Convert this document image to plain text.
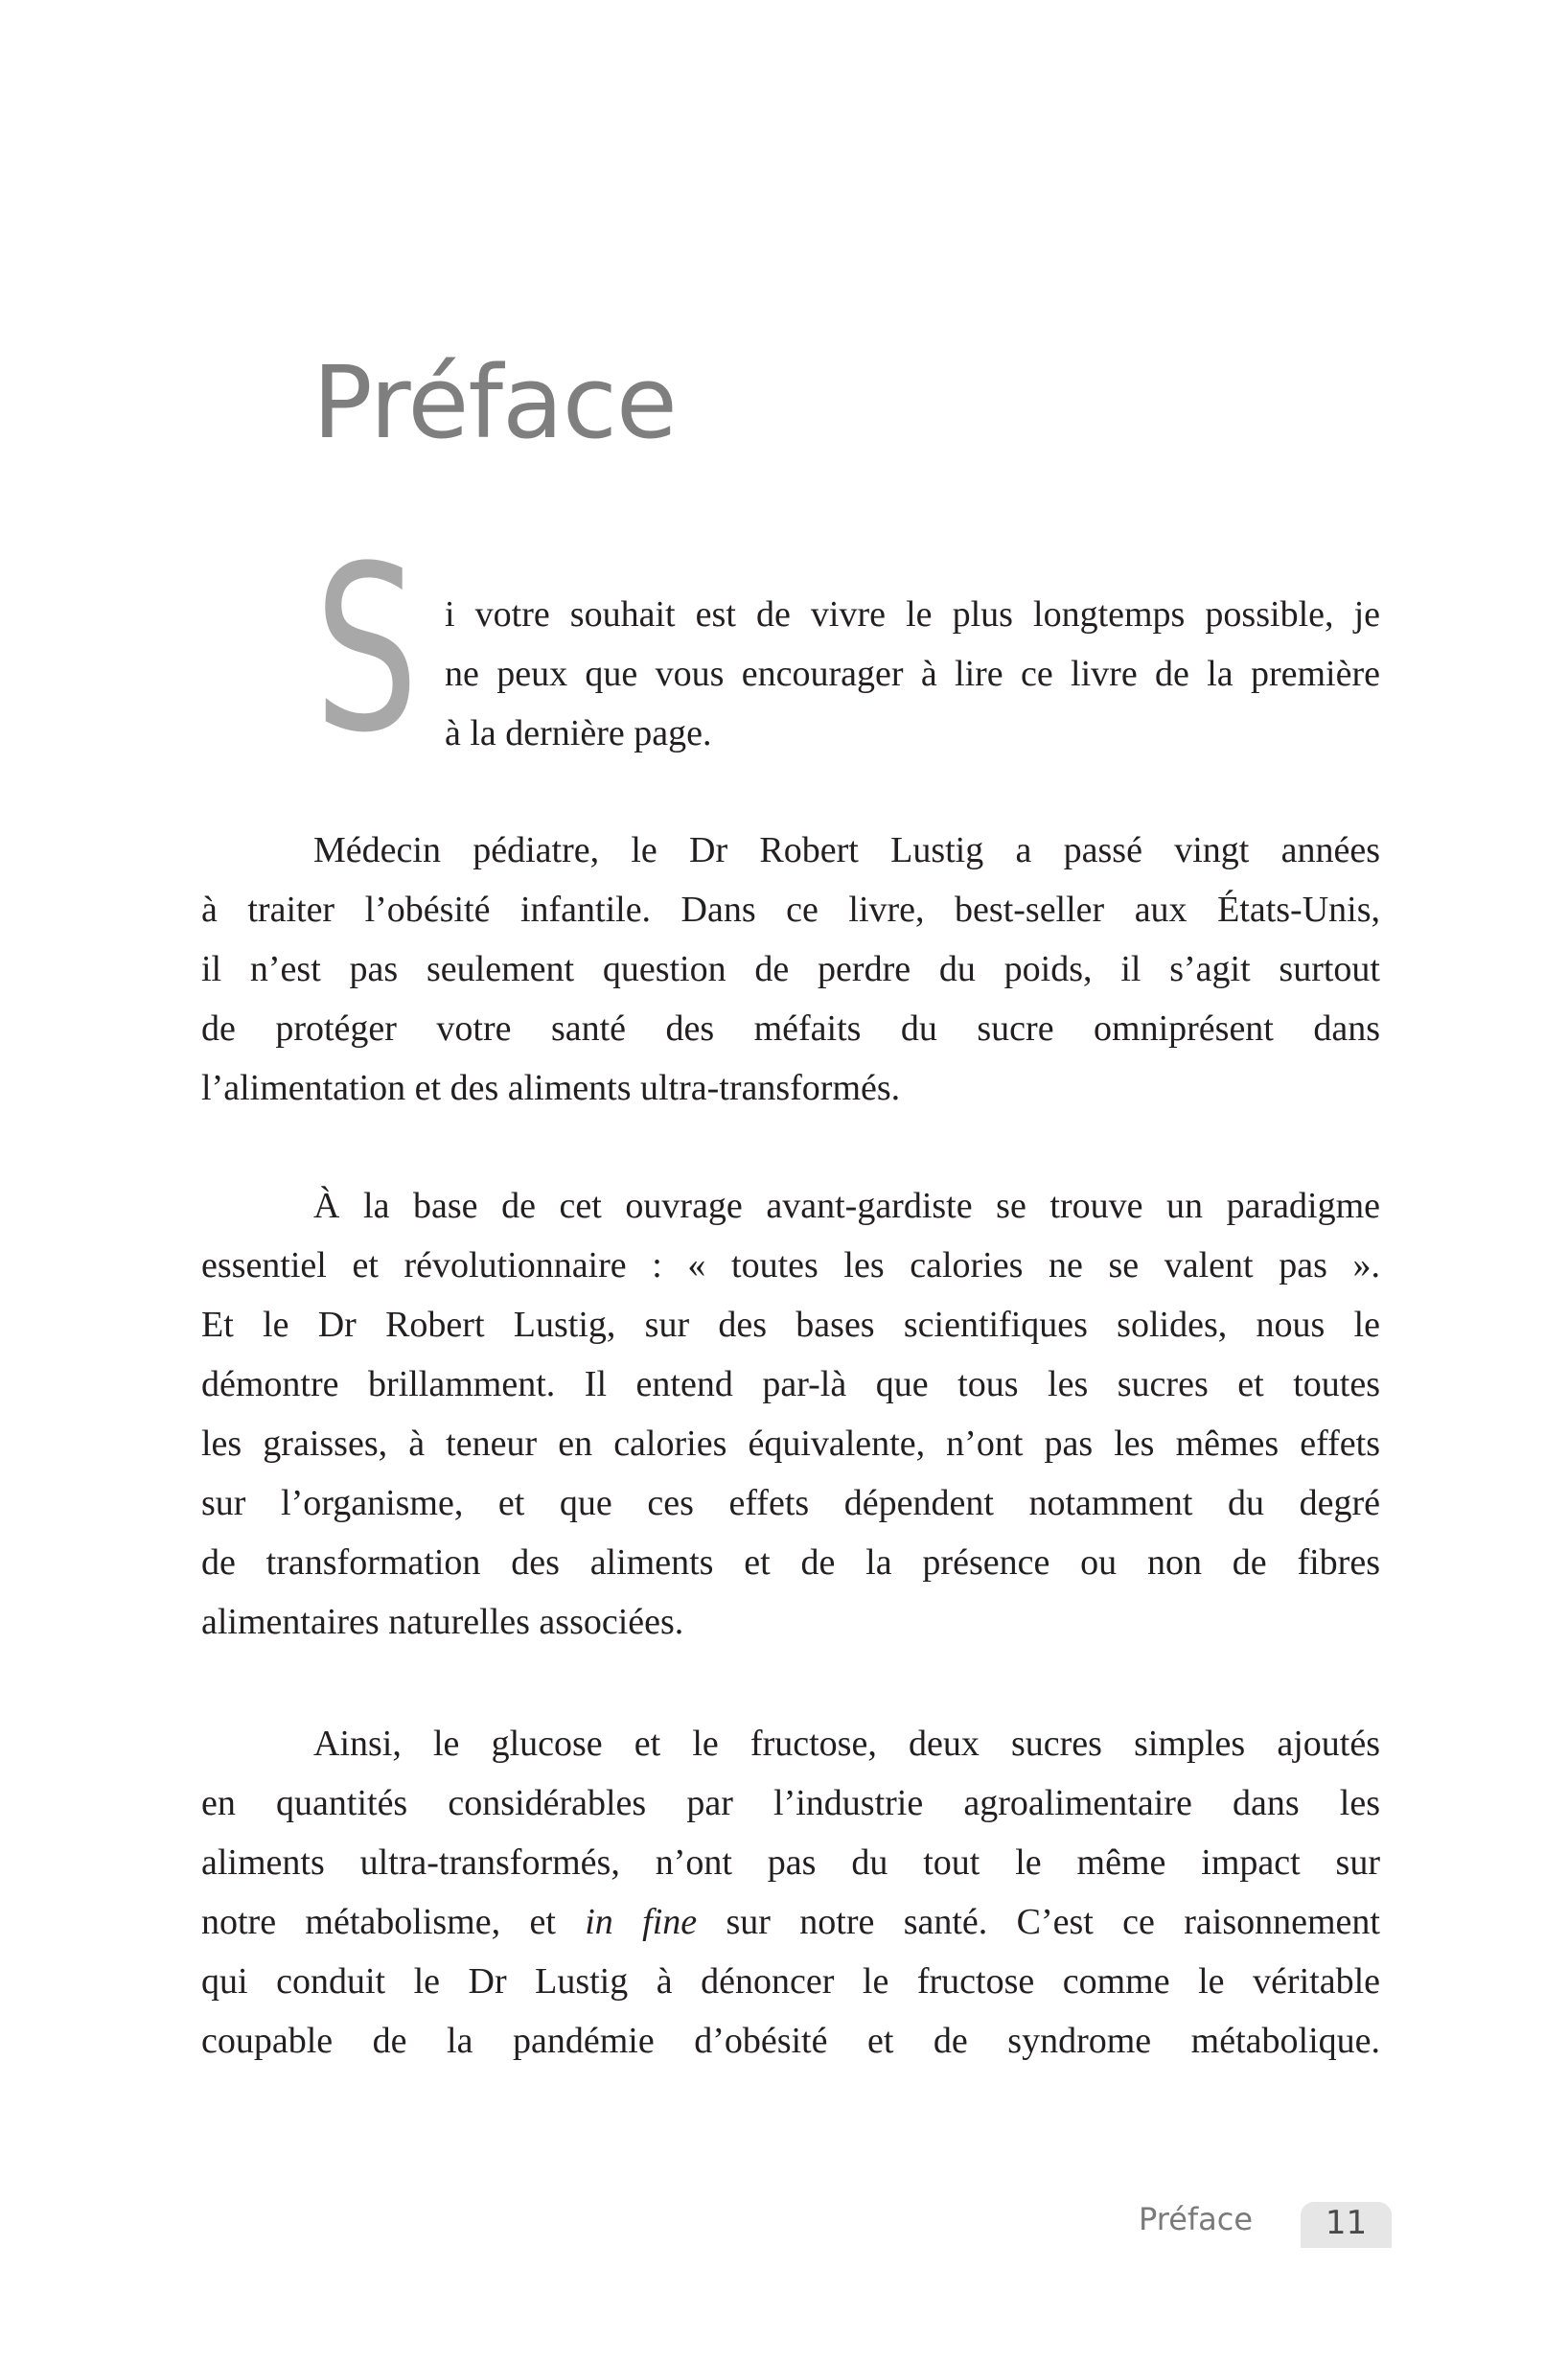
Préface
S i votre souhait est de vivre le plus longtemps possible, je
ne peux que vous encourager à lire ce livre de la première
à la dernière page.
Médecin pédiatre, le Dr Robert Lustig a passé vingt années
à traiter l’obésité infantile. Dans ce livre, best-seller aux États-Unis,
il n’est pas seulement question de perdre du poids, il s’agit surtout
de protéger votre santé des méfaits du sucre omniprésent dans
l’alimentation et des aliments ultra-transformés.
À la base de cet ouvrage avant-gardiste se trouve un paradigme
essentiel et révolutionnaire : « toutes les calories ne se valent pas ».
Et le Dr Robert Lustig, sur des bases scientifiques solides, nous le
démontre brillamment. Il entend par-là que tous les sucres et toutes
les graisses, à teneur en calories équivalente, n’ont pas les mêmes effets
sur l’organisme, et que ces effets dépendent notamment du degré
de transformation des aliments et de la présence ou non de fibres
alimentaires naturelles associées.
Ainsi, le glucose et le fructose, deux sucres simples ajoutés
en quantités considérables par l’industrie agroalimentaire dans les
aliments ultra-transformés, n’ont pas du tout le même impact sur
notre métabolisme, et in fine sur notre santé. C’est ce raisonnement
qui conduit le Dr Lustig à dénoncer le fructose comme le véritable
coupable de la pandémie d’obésité et de syndrome métabolique.
Préface	11
